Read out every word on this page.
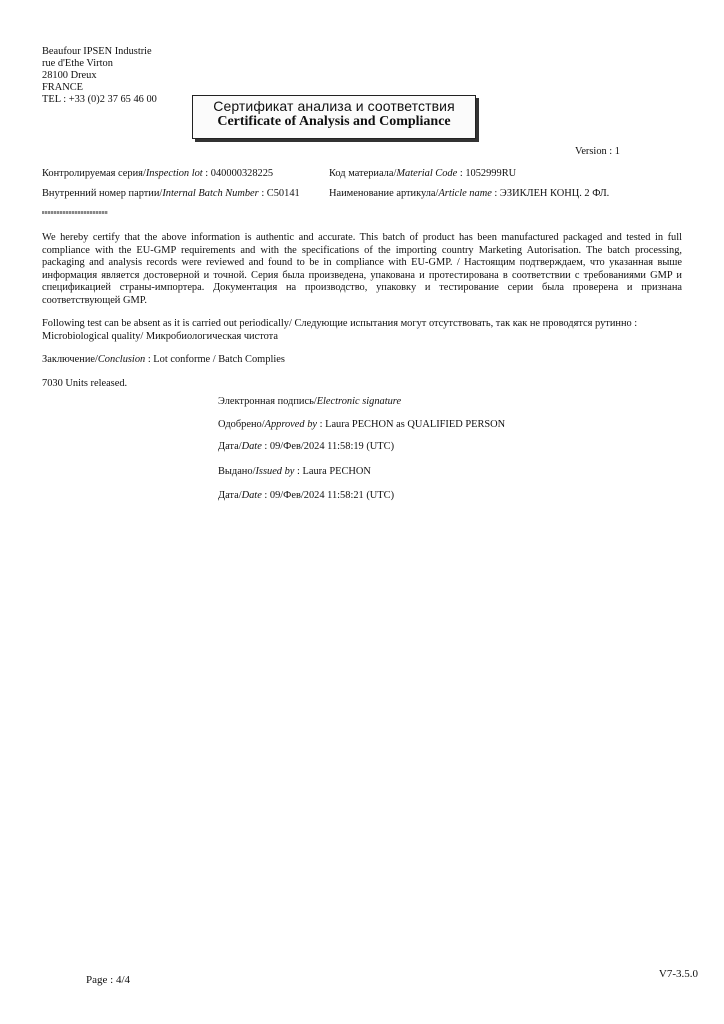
Beaufour IPSEN Industrie
rue d'Ethe Virton
28100 Dreux
FRANCE
TEL : +33 (0)2 37 65 46 00	Сертификат анализа и соответствия
Certificate of Analysis and Compliance
Version : 1
Контролируемая серия/Inspection lot : 040000328225	Код материала/Material Code : 1052999RU
Внутренний номер партии/Internal Batch Number : C50141	Наименование артикула/Article name : ЭЗИКЛЕН КОНЦ. 2 ФЛ.
We hereby certify that the above information is authentic and accurate. This batch of product has been manufactured packaged and tested in full compliance with the EU-GMP requirements and with the specifications of the importing country Marketing Autorisation. The batch processing, packaging and analysis records were reviewed and found to be in compliance with EU-GMP. / Настоящим подтверждаем, что указанная выше информация является достоверной и точной. Серия была произведена, упакована и протестирована в соответствии с требованиями GMP и спецификацией страны-импортера. Документация на производство, упаковку и тестирование серии была проверена и признана соответствующей GMP.
Following test can be absent as it is carried out periodically/ Следующие испытания могут отсутствовать, так как не проводятся рутинно :
Microbiological quality/ Микробиологическая чистота
Заключение/Conclusion : Lot conforme / Batch Complies
7030 Units released.
Электронная подпись/Electronic signature
Одобрено/Approved by : Laura PECHON as QUALIFIED PERSON
Дата/Date : 09/Фев/2024 11:58:19 (UTC)
Выдано/Issued by : Laura PECHON
Дата/Date : 09/Фев/2024 11:58:21 (UTC)
Page : 4/4	V7-3.5.0
